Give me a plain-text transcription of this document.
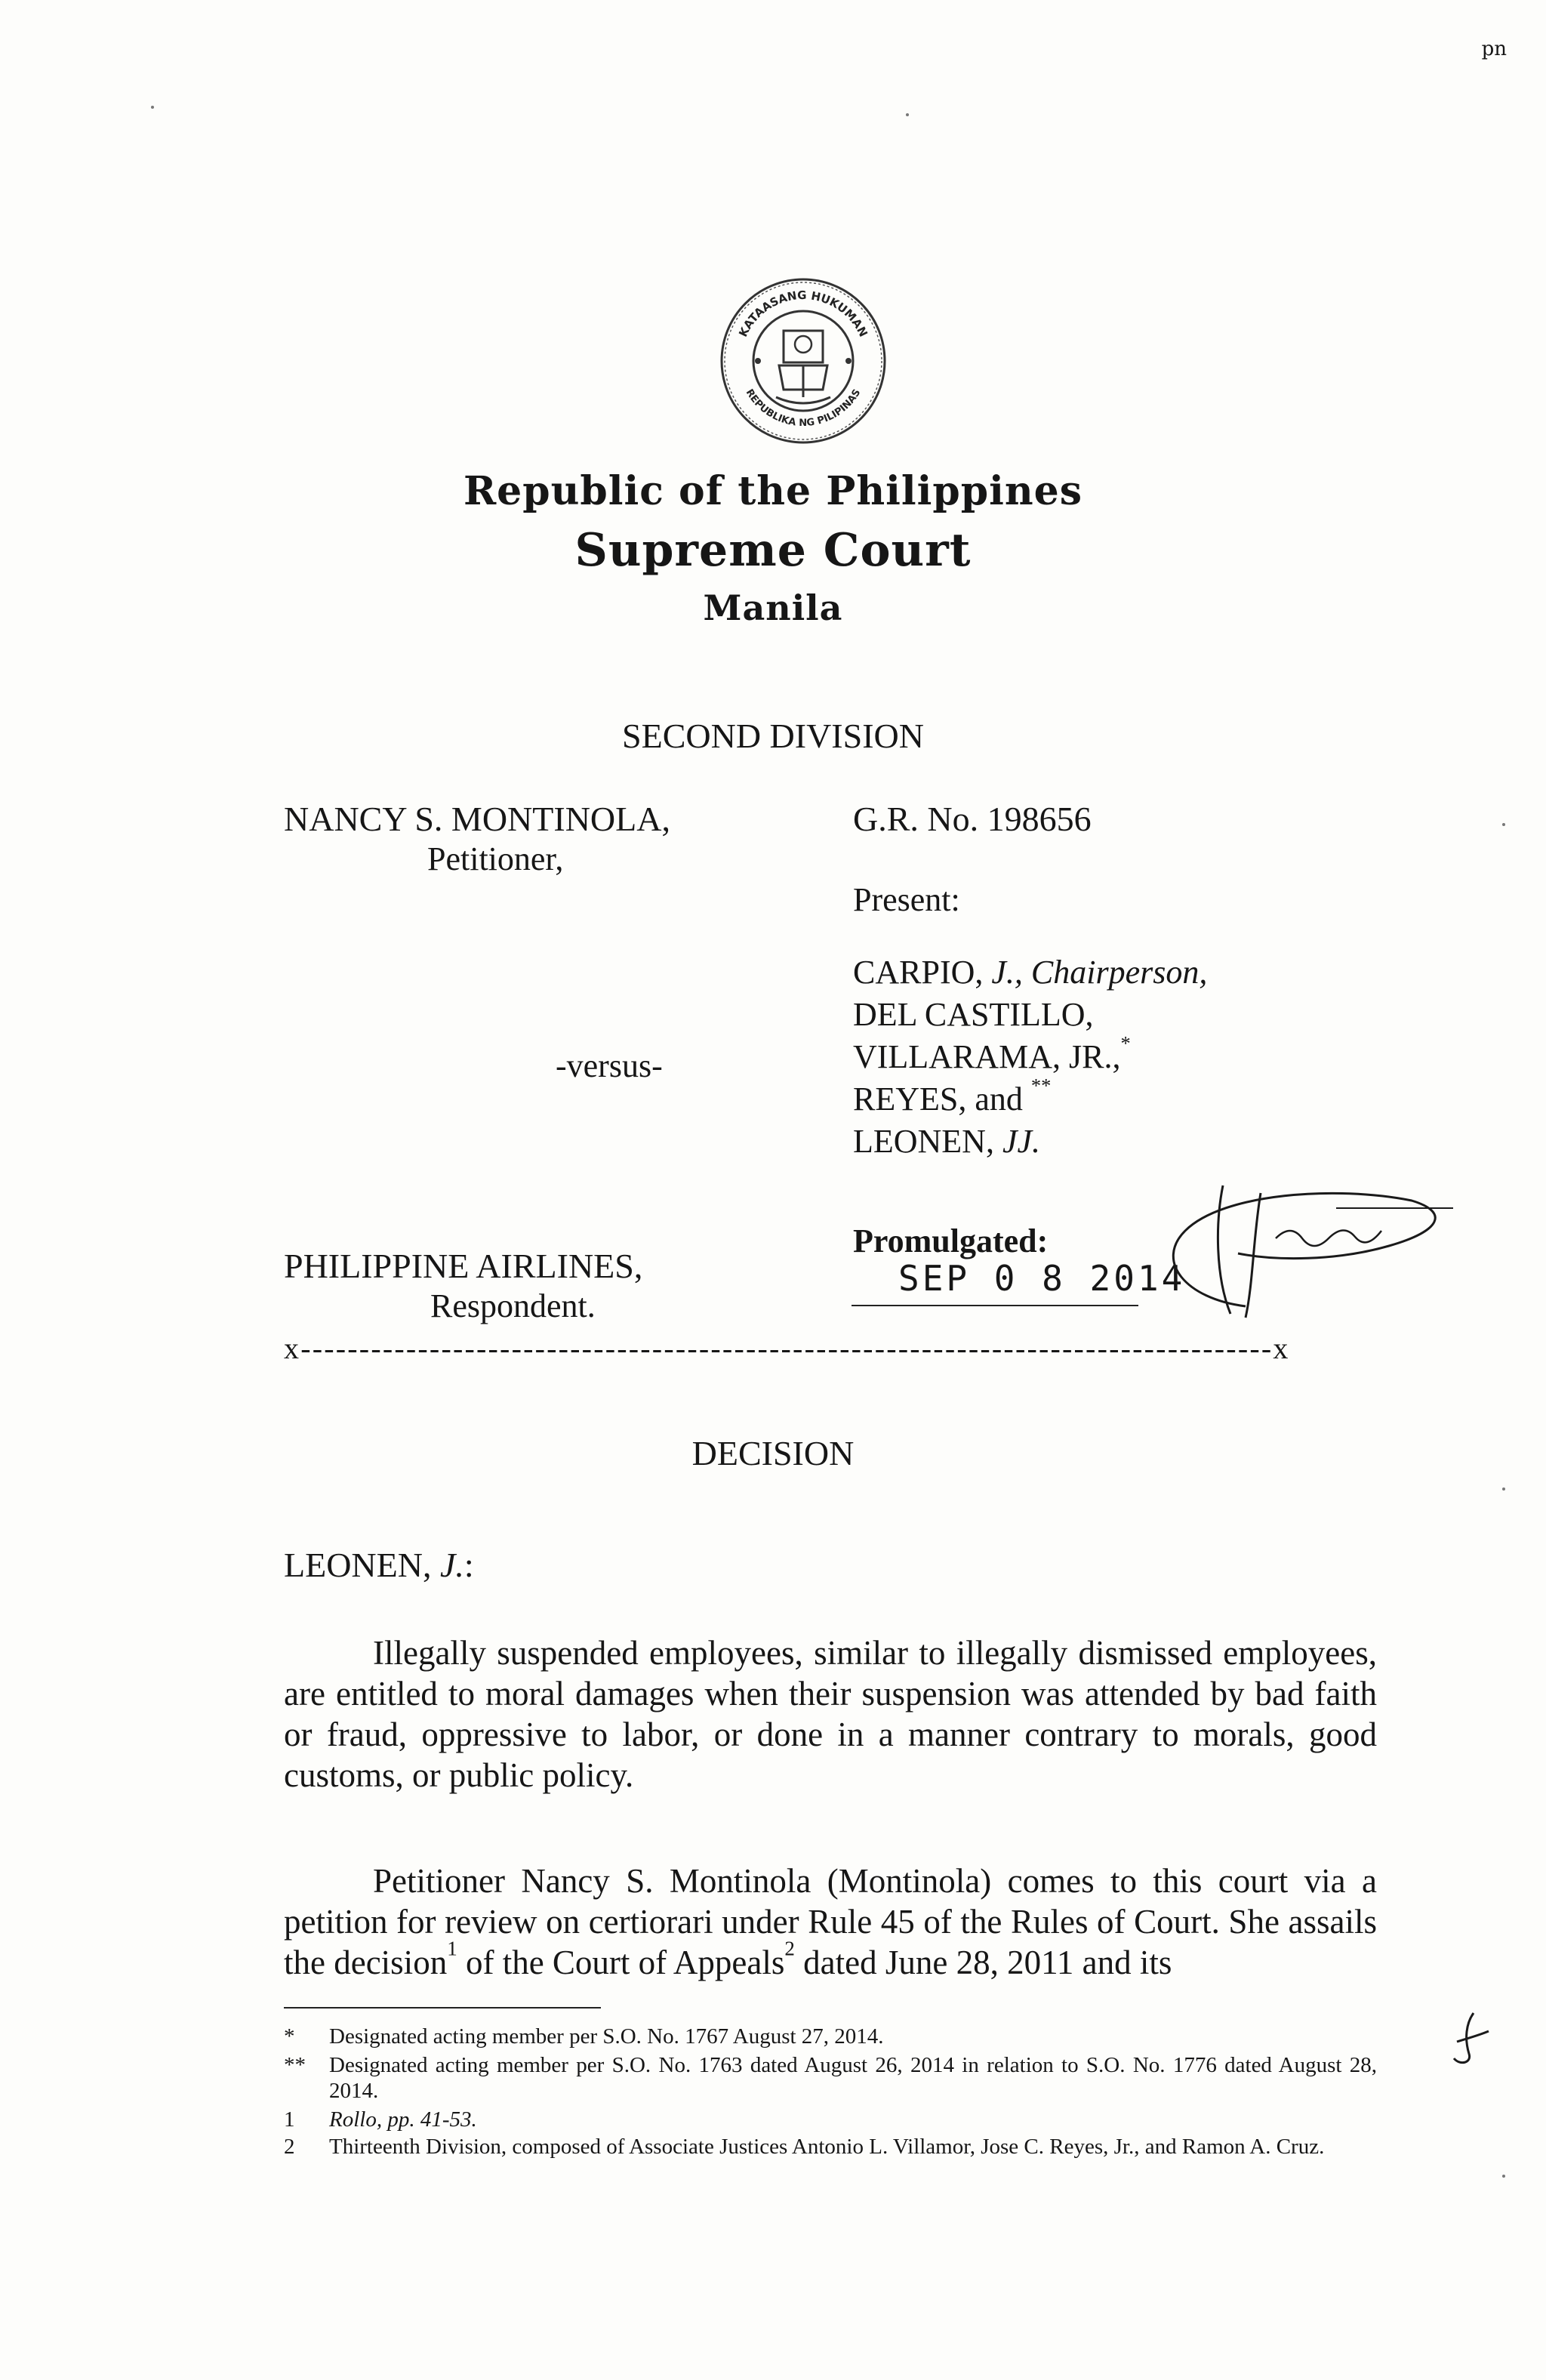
pn
KATAASANG HUKUMAN
REPUBLIKA NG PILIPINAS
Republic of the Philippines
Supreme Court
Manila
SECOND DIVISION
NANCY S. MONTINOLA,
Petitioner,
-versus-
PHILIPPINE AIRLINES,
Respondent.
G.R. No. 198656
Present:
CARPIO, J., Chairperson,
DEL CASTILLO,
VILLARAMA, JR.,*
REYES, and **
LEONEN, JJ.
Promulgated:
SEP 0 8 2014
x-----------------------------------------------------------------------------------x
DECISION
LEONEN, J.:

Illegally suspended employees, similar to illegally dismissed employees, are entitled to moral damages when their suspension was attended by bad faith or fraud, oppressive to labor, or done in a manner contrary to morals, good customs, or public policy.

Petitioner Nancy S. Montinola (Montinola) comes to this court via a petition for review on certiorari under Rule 45 of the Rules of Court. She assails the decision$^1$ of the Court of Appeals$^2$ dated June 28, 2011 and its

*	Designated acting member per S.O. No. 1767 August 27, 2014.
**	Designated acting member per S.O. No. 1763 dated August 26, 2014 in relation to S.O. No. 1776 dated August 28, 2014.
1	Rollo, pp. 41-53.
2	Thirteenth Division, composed of Associate Justices Antonio L. Villamor, Jose C. Reyes, Jr., and Ramon A. Cruz.
